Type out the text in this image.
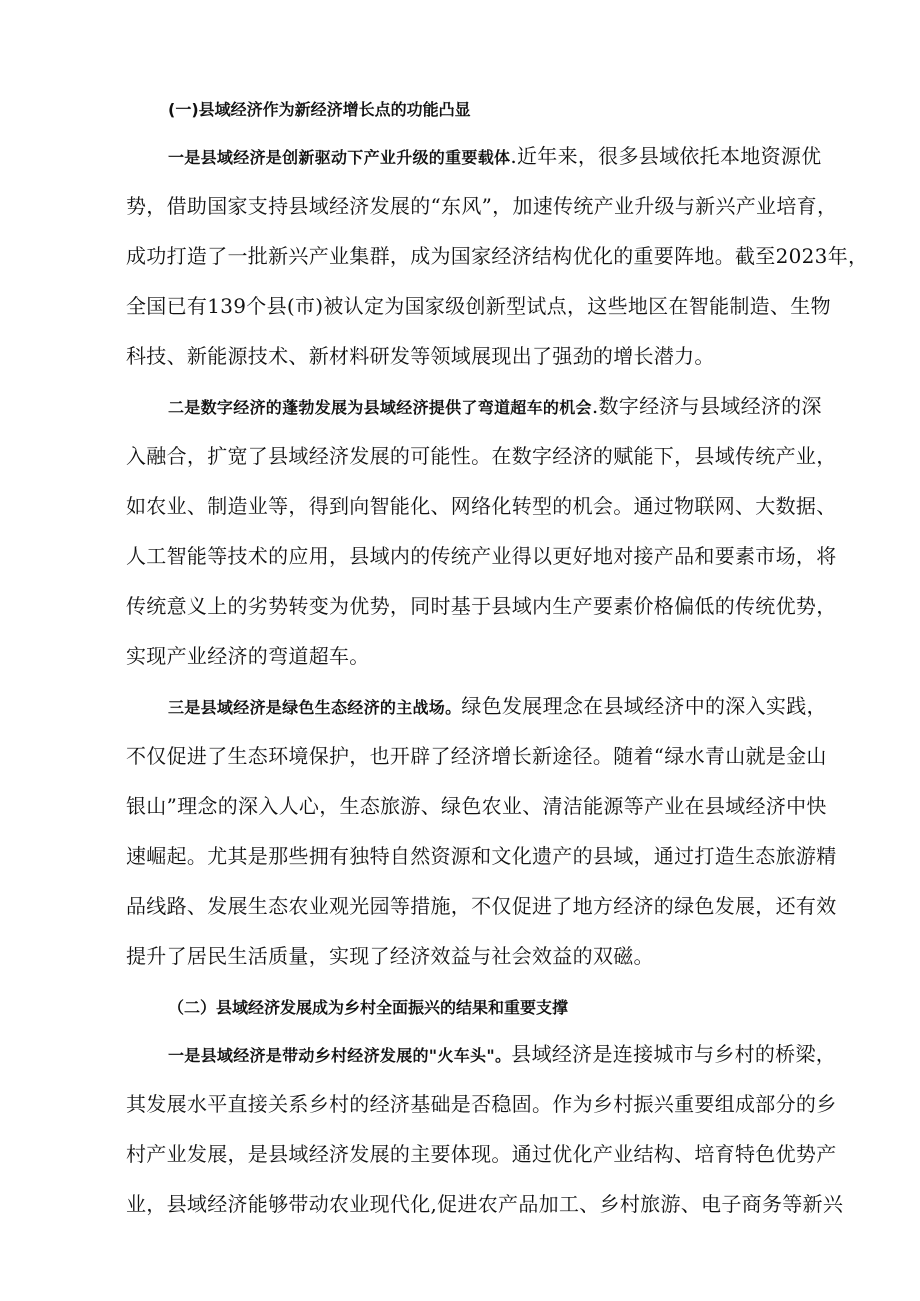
(一)县域经济作为新经济增长点的功能凸显
一是县域经济是创新驱动下产业升级的重要载体.近年来，很多县域依托本地资源优
势，借助国家支持县域经济发展的“东风”，加速传统产业升级与新兴产业培育，
成功打造了一批新兴产业集群，成为国家经济结构优化的重要阵地。截至2023年，
全国已有139个县(市)被认定为国家级创新型试点，这些地区在智能制造、生物
科技、新能源技术、新材料研发等领域展现出了强劲的增长潜力。
二是数字经济的蓬勃发展为县域经济提供了弯道超车的机会.数字经济与县域经济的深
入融合，扩宽了县域经济发展的可能性。在数字经济的赋能下，县域传统产业，
如农业、制造业等，得到向智能化、网络化转型的机会。通过物联网、大数据、
人工智能等技术的应用，县域内的传统产业得以更好地对接产品和要素市场，将
传统意义上的劣势转变为优势，同时基于县域内生产要素价格偏低的传统优势，
实现产业经济的弯道超车。
三是县域经济是绿色生态经济的主战场。绿色发展理念在县域经济中的深入实践，
不仅促进了生态环境保护，也开辟了经济增长新途径。随着“绿水青山就是金山
银山”理念的深入人心，生态旅游、绿色农业、清洁能源等产业在县域经济中快
速崛起。尤其是那些拥有独特自然资源和文化遗产的县域，通过打造生态旅游精
品线路、发展生态农业观光园等措施，不仅促进了地方经济的绿色发展，还有效
提升了居民生活质量，实现了经济效益与社会效益的双磁。
（二）县域经济发展成为乡村全面振兴的结果和重要支撑
一是县域经济是带动乡村经济发展的"火车头"。县域经济是连接城市与乡村的桥梁，
其发展水平直接关系乡村的经济基础是否稳固。作为乡村振兴重要组成部分的乡
村产业发展，是县域经济发展的主要体现。通过优化产业结构、培育特色优势产
业，县域经济能够带动农业现代化,促进农产品加工、乡村旅游、电子商务等新兴
